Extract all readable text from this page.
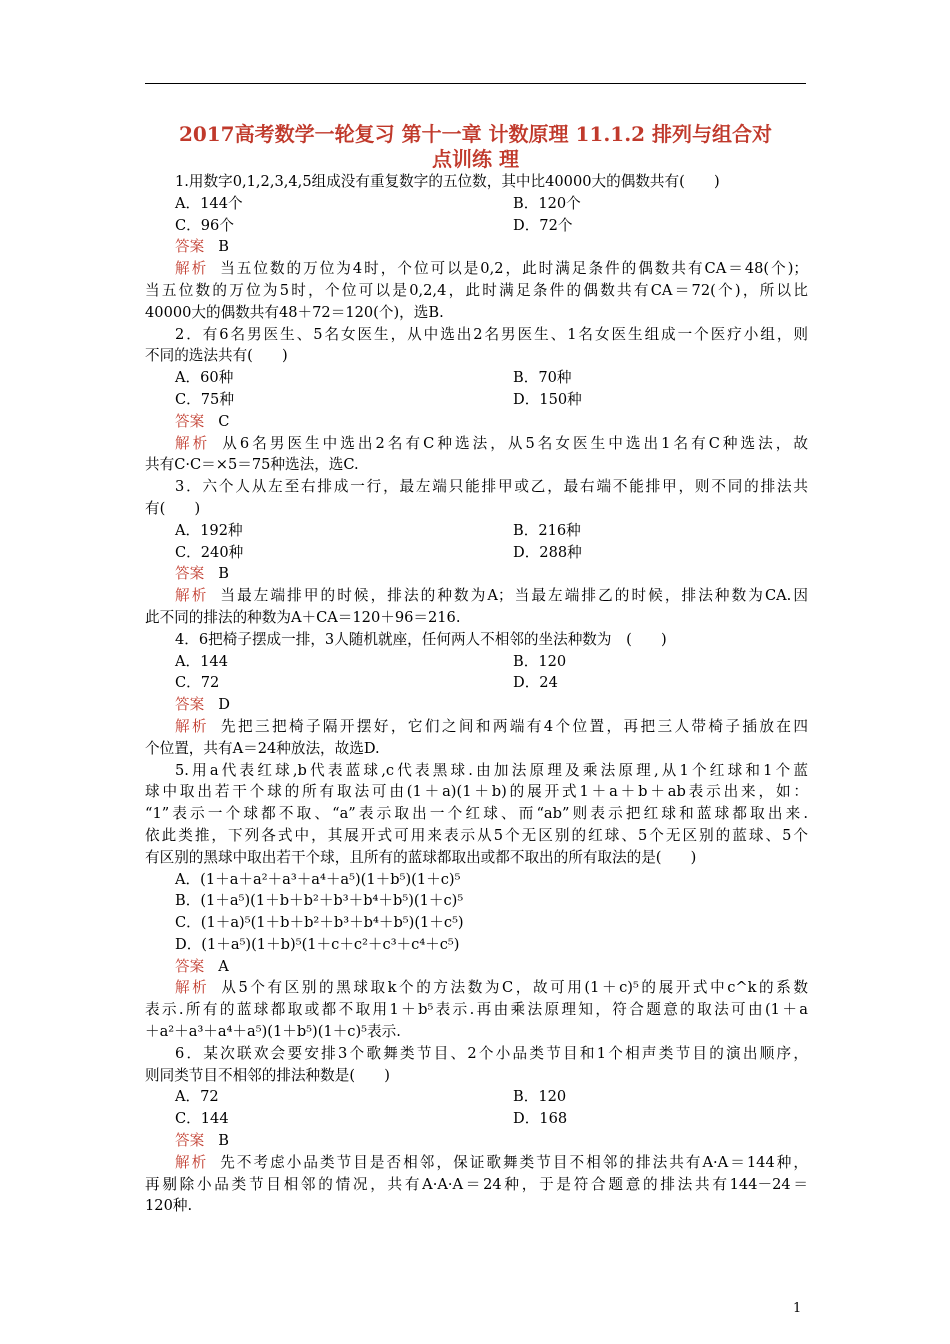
2017高考数学一轮复习 第十一章 计数原理 11.1.2 排列与组合对
点训练 理
1.用数字0,1,2,3,4,5组成没有重复数字的五位数，其中比40000大的偶数共有(　　)
A．144个	B．120个
C．96个	D．72个
答案 B
解析 当五位数的万位为4时，个位可以是0,2，此时满足条件的偶数共有CA＝48(个)；
当五位数的万位为5时，个位可以是0,2,4，此时满足条件的偶数共有CA＝72(个)，所以比
40000大的偶数共有48＋72＝120(个)，选B.
2．有6名男医生、5名女医生，从中选出2名男医生、1名女医生组成一个医疗小组，则
不同的选法共有(　　)
A．60种	B．70种
C．75种	D．150种
答案 C
解析 从6名男医生中选出2名有C种选法，从5名女医生中选出1名有C种选法，故
共有C·C＝×5＝75种选法，选C.
3．六个人从左至右排成一行，最左端只能排甲或乙，最右端不能排甲，则不同的排法共
有(　　)
A．192种	B．216种
C．240种	D．288种
答案 B
解析 当最左端排甲的时候，排法的种数为A；当最左端排乙的时候，排法种数为CA.因
此不同的排法的种数为A＋CA＝120＋96＝216.
4．6把椅子摆成一排，3人随机就座，任何两人不相邻的坐法种数为　(　　)
A．144	B．120
C．72	D．24
答案 D
解析 先把三把椅子隔开摆好，它们之间和两端有4个位置，再把三人带椅子插放在四
个位置，共有A＝24种放法，故选D.
5.用a代表红球,b代表蓝球,c代表黑球.由加法原理及乘法原理,从1个红球和1个蓝
球中取出若干个球的所有取法可由(1＋a)(1＋b)的展开式1＋a＋b＋ab表示出来，如：
“1”表示一个球都不取、“a”表示取出一个红球、而“ab”则表示把红球和蓝球都取出来.
依此类推，下列各式中，其展开式可用来表示从5个无区别的红球、5个无区别的蓝球、5个
有区别的黑球中取出若干个球，且所有的蓝球都取出或都不取出的所有取法的是(　　)
A．(1＋a＋a²＋a³＋a⁴＋a⁵)(1＋b⁵)(1＋c)⁵
B．(1＋a⁵)(1＋b＋b²＋b³＋b⁴＋b⁵)(1＋c)⁵
C．(1＋a)⁵(1＋b＋b²＋b³＋b⁴＋b⁵)(1＋c⁵)
D．(1＋a⁵)(1＋b)⁵(1＋c＋c²＋c³＋c⁴＋c⁵)
答案 A
解析 从5个有区别的黑球取k个的方法数为C，故可用(1＋c)⁵的展开式中c^k的系数
表示.所有的蓝球都取或都不取用1＋b⁵表示.再由乘法原理知，符合题意的取法可由(1＋a
＋a²＋a³＋a⁴＋a⁵)(1＋b⁵)(1＋c)⁵表示.
6．某次联欢会要安排3个歌舞类节目、2个小品类节目和1个相声类节目的演出顺序，
则同类节目不相邻的排法种数是(　　)
A．72	B．120
C．144	D．168
答案 B
解析 先不考虑小品类节目是否相邻，保证歌舞类节目不相邻的排法共有A·A＝144种，
再剔除小品类节目相邻的情况，共有A·A·A＝24种，于是符合题意的排法共有144－24＝
120种.
1
